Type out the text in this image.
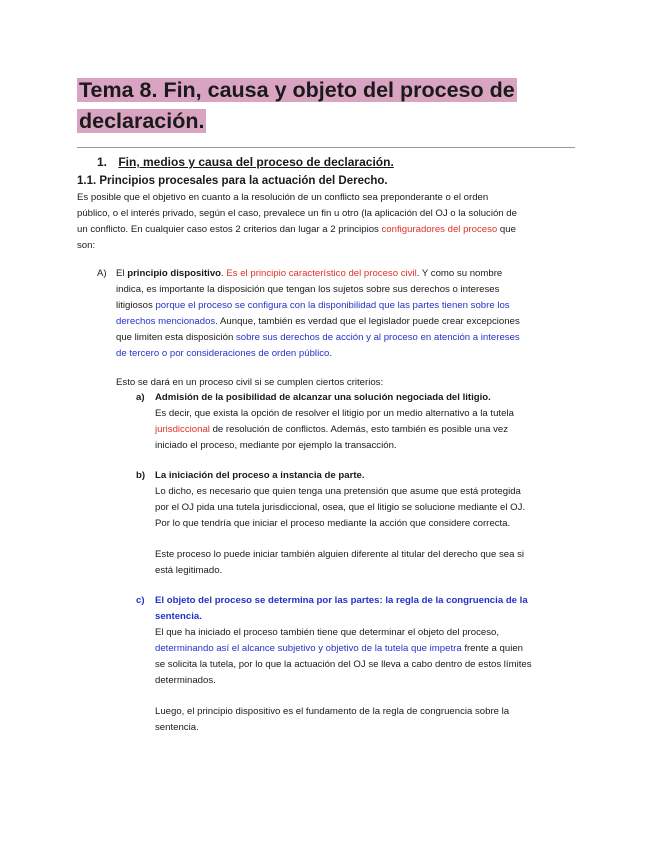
Tema 8. Fin, causa y objeto del proceso de
declaración.
1. Fin, medios y causa del proceso de declaración.
1.1. Principios procesales para la actuación del Derecho.
Es posible que el objetivo en cuanto a la resolución de un conflicto sea preponderante o el orden
público, o el interés privado, según el caso, prevalece un fin u otro (la aplicación del OJ o la solución de
un conflicto. En cualquier caso estos 2 criterios dan lugar a 2 principios configuradores del proceso que
son:
A) El principio dispositivo. Es el principio característico del proceso civil. Y como su nombre
indica, es importante la disposición que tengan los sujetos sobre sus derechos o intereses
litigiosos porque el proceso se configura con la disponibilidad que las partes tienen sobre los
derechos mencionados. Aunque, también es verdad que el legislador puede crear excepciones
que limiten esta disposición sobre sus derechos de acción y al proceso en atención a intereses
de tercero o por consideraciones de orden público.
Esto se dará en un proceso civil si se cumplen ciertos criterios:
a) Admisión de la posibilidad de alcanzar una solución negociada del litigio.
Es decir, que exista la opción de resolver el litigio por un medio alternativo a la tutela
jurisdiccional de resolución de conflictos. Además, esto también es posible una vez
iniciado el proceso, mediante por ejemplo la transacción.
b) La iniciación del proceso a instancia de parte.
Lo dicho, es necesario que quien tenga una pretensión que asume que está protegida
por el OJ pida una tutela jurisdiccional, osea, que el litigio se solucione mediante el OJ.
Por lo que tendría que iniciar el proceso mediante la acción que considere correcta.
Este proceso lo puede iniciar también alguien diferente al titular del derecho que sea si
está legitimado.
c) El objeto del proceso se determina por las partes: la regla de la congruencia de la
sentencia.
El que ha iniciado el proceso también tiene que determinar el objeto del proceso,
determinando así el alcance subjetivo y objetivo de la tutela que impetra frente a quien
se solicita la tutela, por lo que la actuación del OJ se lleva a cabo dentro de estos límites
determinados.
Luego, el principio dispositivo es el fundamento de la regla de congruencia sobre la
sentencia.
